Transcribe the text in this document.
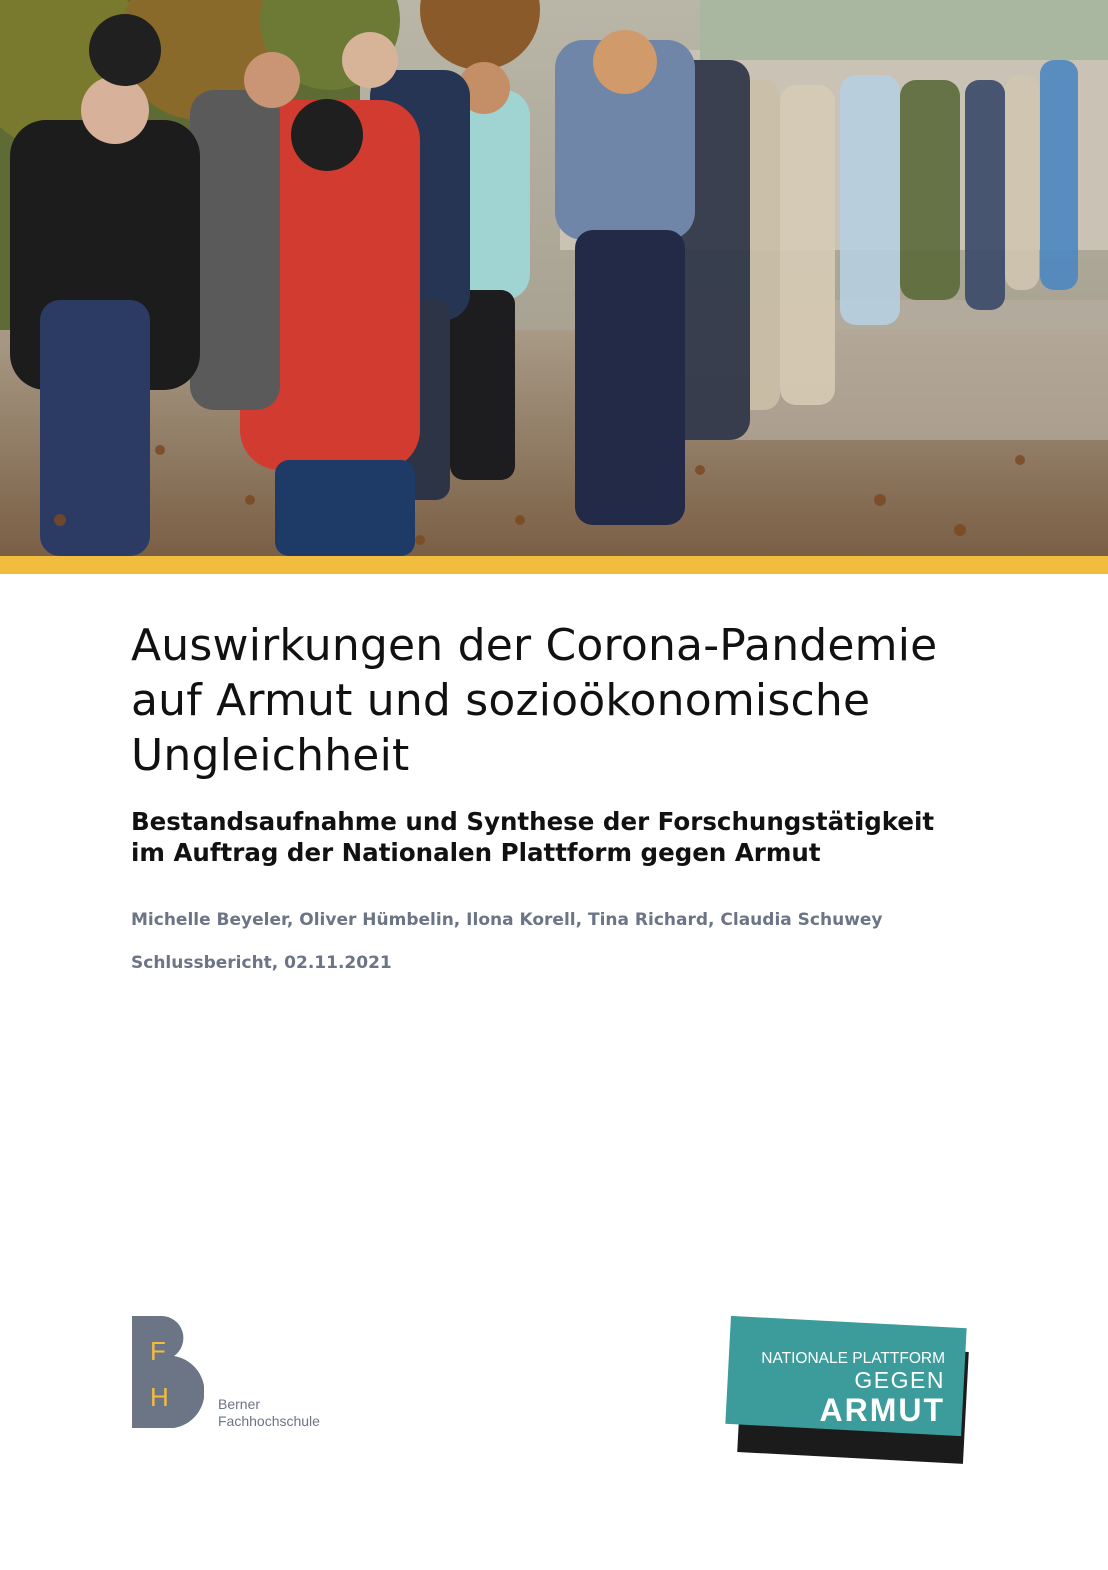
Auswirkungen der Corona-Pandemie
auf Armut und sozioökonomische
Ungleichheit
Bestandsaufnahme und Synthese der Forschungstätigkeit
im Auftrag der Nationalen Plattform gegen Armut
Michelle Beyeler, Oliver Hümbelin, Ilona Korell, Tina Richard, Claudia Schuwey
Schlussbericht, 02.11.2021
F
H	Berner
Fachhochschule
NATIONALE PLATTFORM
GEGEN
ARMUT
